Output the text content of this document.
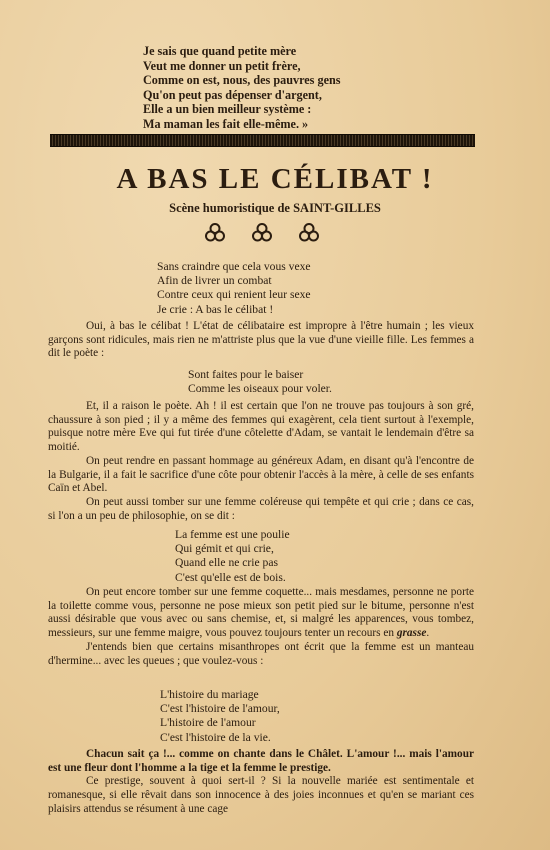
Je sais que quand petite mère
Veut me donner un petit frère,
Comme on est, nous, des pauvres gens
Qu'on peut pas dépenser d'argent,
Elle a un bien meilleur système :
Ma maman les fait elle-même. »
A BAS LE CÉLIBAT !
Scène humoristique de SAINT-GILLES
Sans craindre que cela vous vexe
Afin de livrer un combat
Contre ceux qui renient leur sexe
Je crie : A bas le célibat !

Oui, à bas le célibat ! L'état de célibataire est impropre à l'être humain ; les vieux garçons sont ridicules, mais rien ne m'attriste plus que la vue d'une vieille fille. Les femmes a dit le poète :

Sont faites pour le baiser
Comme les oiseaux pour voler.

Et, il a raison le poète. Ah ! il est certain que l'on ne trouve pas toujours à son gré, chaussure à son pied ; il y a même des femmes qui exagèrent, cela tient surtout à l'exemple, puisque notre mère Eve qui fut tirée d'une côtelette d'Adam, se vantait le lendemain d'être sa moitié.

On peut rendre en passant hommage au généreux Adam, en disant qu'à l'encontre de la Bulgarie, il a fait le sacrifice d'une côte pour obtenir l'accès à la mère, à celle de ses enfants Caïn et Abel.

On peut aussi tomber sur une femme coléreuse qui tempête et qui crie ; dans ce cas, si l'on a un peu de philosophie, on se dit :

La femme est une poulie
Qui gémit et qui crie,
Quand elle ne crie pas
C'est qu'elle est de bois.

On peut encore tomber sur une femme coquette... mais mesdames, personne ne porte la toilette comme vous, personne ne pose mieux son petit pied sur le bitume, personne n'est aussi désirable que vous avec ou sans chemise, et, si malgré les apparences, vous tombez, messieurs, sur une femme maigre, vous pouvez toujours tenter un recours en grasse.

J'entends bien que certains misanthropes ont écrit que la femme est un manteau d'hermine... avec les queues ; que voulez-vous :

L'histoire du mariage
C'est l'histoire de l'amour,
L'histoire de l'amour
C'est l'histoire de la vie.

Chacun sait ça !... comme on chante dans le Châlet. L'amour !... mais l'amour est une fleur dont l'homme a la tige et la femme le prestige.

Ce prestige, souvent à quoi sert-il ? Si la nouvelle mariée est sentimentale et romanesque, si elle rêvait dans son innocence à des joies inconnues et qu'en se mariant ces plaisirs attendus se résument à une cage
